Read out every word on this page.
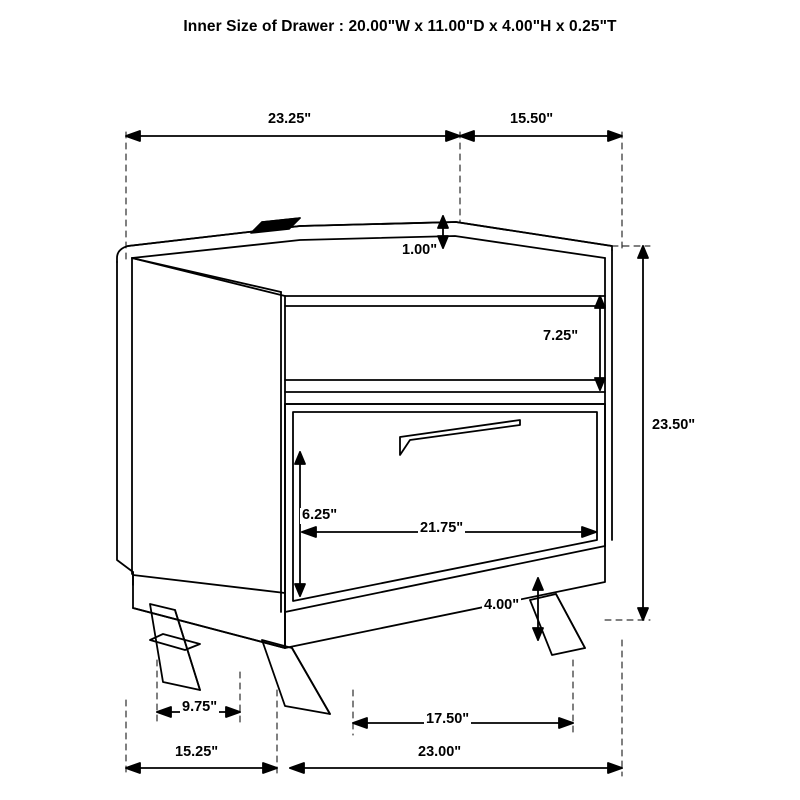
Inner Size of Drawer : 20.00"W x 11.00"D x 4.00"H x 0.25"T
23.25"	15.50"
1.00"
7.25"
23.50"
6.25"
21.75"
4.00"
9.75"
17.50"
15.25"	23.00"
